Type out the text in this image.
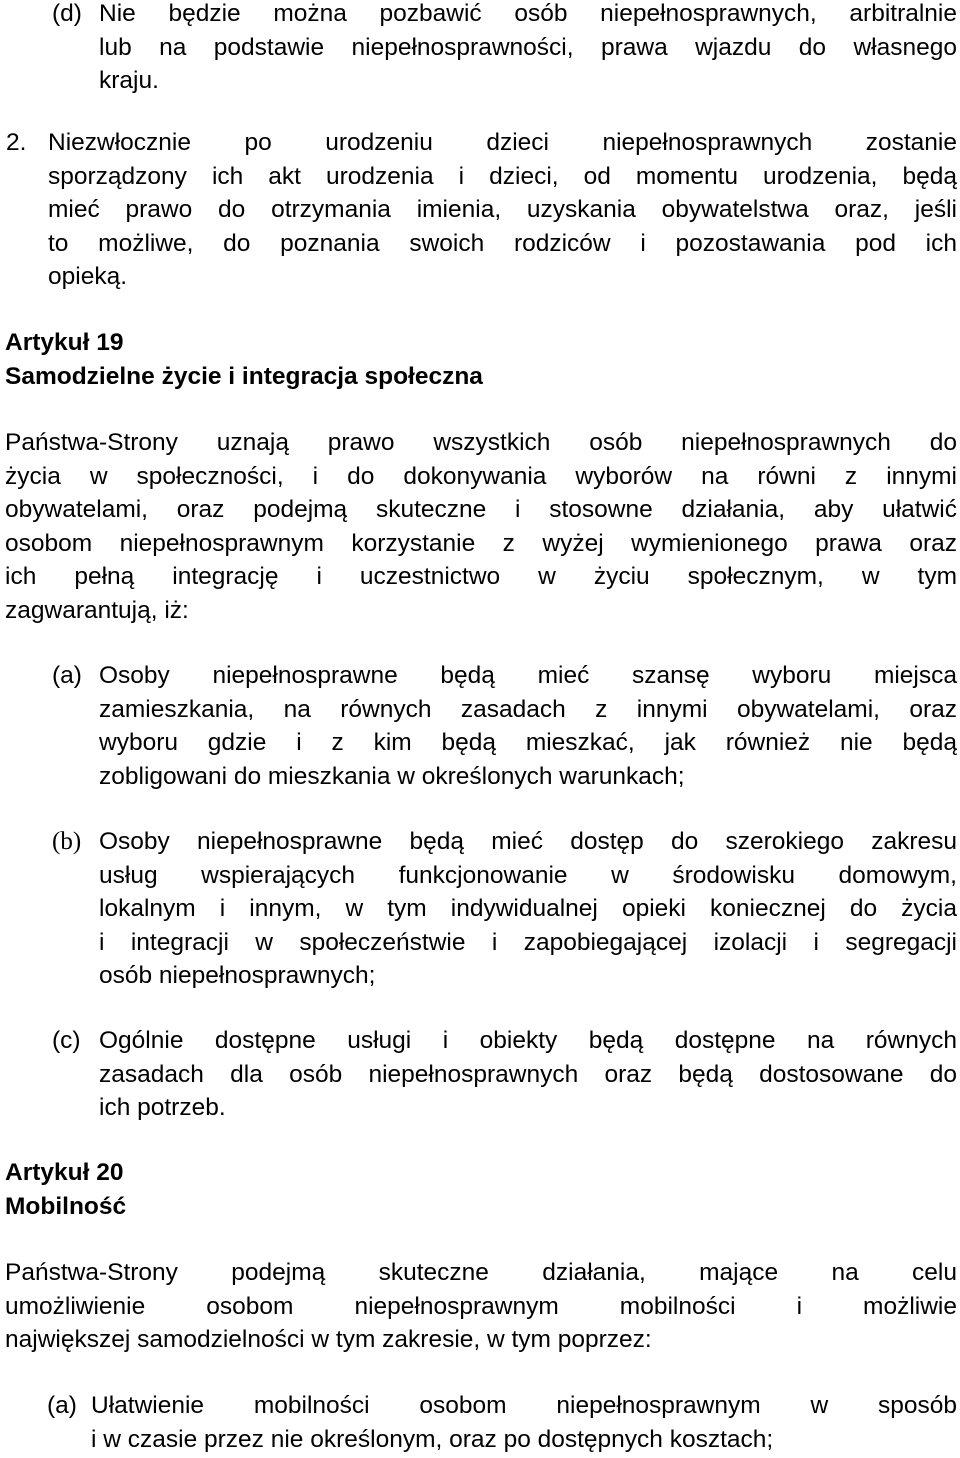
(d) Nie będzie można pozbawić osób niepełnosprawnych, arbitralnie
lub na podstawie niepełnosprawności, prawa wjazdu do własnego
kraju.
2. Niezwłocznie po urodzeniu dzieci niepełnosprawnych zostanie
sporządzony ich akt urodzenia i dzieci, od momentu urodzenia, będą
mieć prawo do otrzymania imienia, uzyskania obywatelstwa oraz, jeśli
to możliwe, do poznania swoich rodziców i pozostawania pod ich
opieką.
Artykuł 19
Samodzielne życie i integracja społeczna
Państwa-Strony uznają prawo wszystkich osób niepełnosprawnych do
życia w społeczności, i do dokonywania wyborów na równi z innymi
obywatelami, oraz podejmą skuteczne i stosowne działania, aby ułatwić
osobom niepełnosprawnym korzystanie z wyżej wymienionego prawa oraz
ich pełną integrację i uczestnictwo w życiu społecznym, w tym
zagwarantują, iż:
(a) Osoby niepełnosprawne będą mieć szansę wyboru miejsca
zamieszkania, na równych zasadach z innymi obywatelami, oraz
wyboru gdzie i z kim będą mieszkać, jak również nie będą
zobligowani do mieszkania w określonych warunkach;
(b) Osoby niepełnosprawne będą mieć dostęp do szerokiego zakresu
usług wspierających funkcjonowanie w środowisku domowym,
lokalnym i innym, w tym indywidualnej opieki koniecznej do życia
i integracji w społeczeństwie i zapobiegającej izolacji i segregacji
osób niepełnosprawnych;
(c) Ogólnie dostępne usługi i obiekty będą dostępne na równych
zasadach dla osób niepełnosprawnych oraz będą dostosowane do
ich potrzeb.
Artykuł 20
Mobilność
Państwa-Strony podejmą skuteczne działania, mające na celu
umożliwienie osobom niepełnosprawnym mobilności i możliwie
największej samodzielności w tym zakresie, w tym poprzez:
(a) Ułatwienie mobilności osobom niepełnosprawnym w sposób
i w czasie przez nie określonym, oraz po dostępnych kosztach;
